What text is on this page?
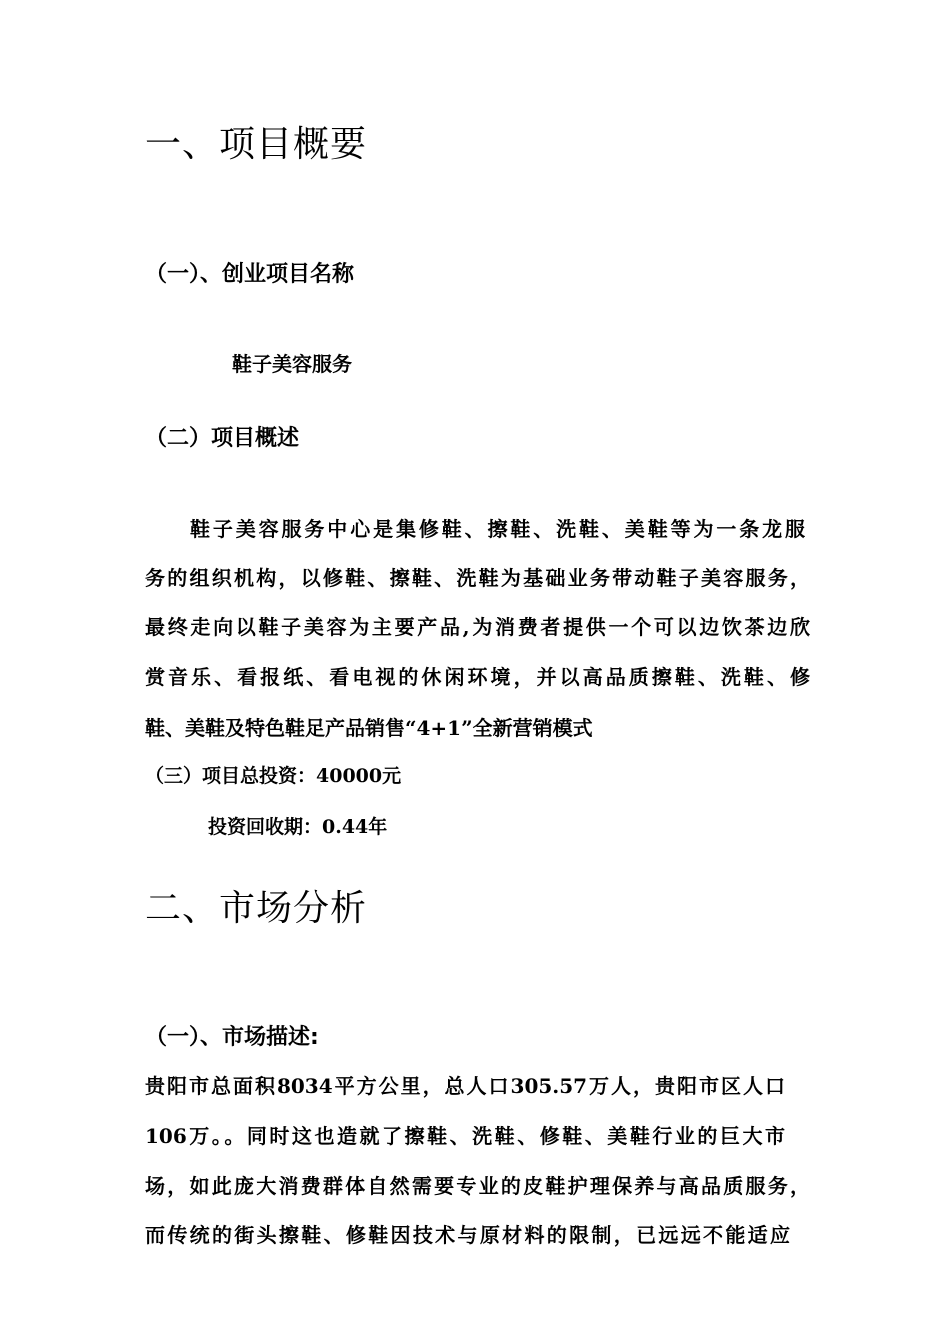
一、项目概要
（一）、创业项目名称
鞋子美容服务
（二）项目概述
鞋子美容服务中心是集修鞋、擦鞋、洗鞋、美鞋等为一条龙服
务的组织机构，以修鞋、擦鞋、洗鞋为基础业务带动鞋子美容服务，
最终走向以鞋子美容为主要产品,为消费者提供一个可以边饮茶边欣
赏音乐、看报纸、看电视的休闲环境，并以高品质擦鞋、洗鞋、修
鞋、美鞋及特色鞋足产品销售“4+1”全新营销模式
（三）项目总投资：40000元
投资回收期：0.44年
二、市场分析
（一）、市场描述:
贵阳市总面积8034平方公里，总人口305.57万人，贵阳市区人口
106万。。同时这也造就了擦鞋、洗鞋、修鞋、美鞋行业的巨大市
场，如此庞大消费群体自然需要专业的皮鞋护理保养与高品质服务，
而传统的街头擦鞋、修鞋因技术与原材料的限制，已远远不能适应
